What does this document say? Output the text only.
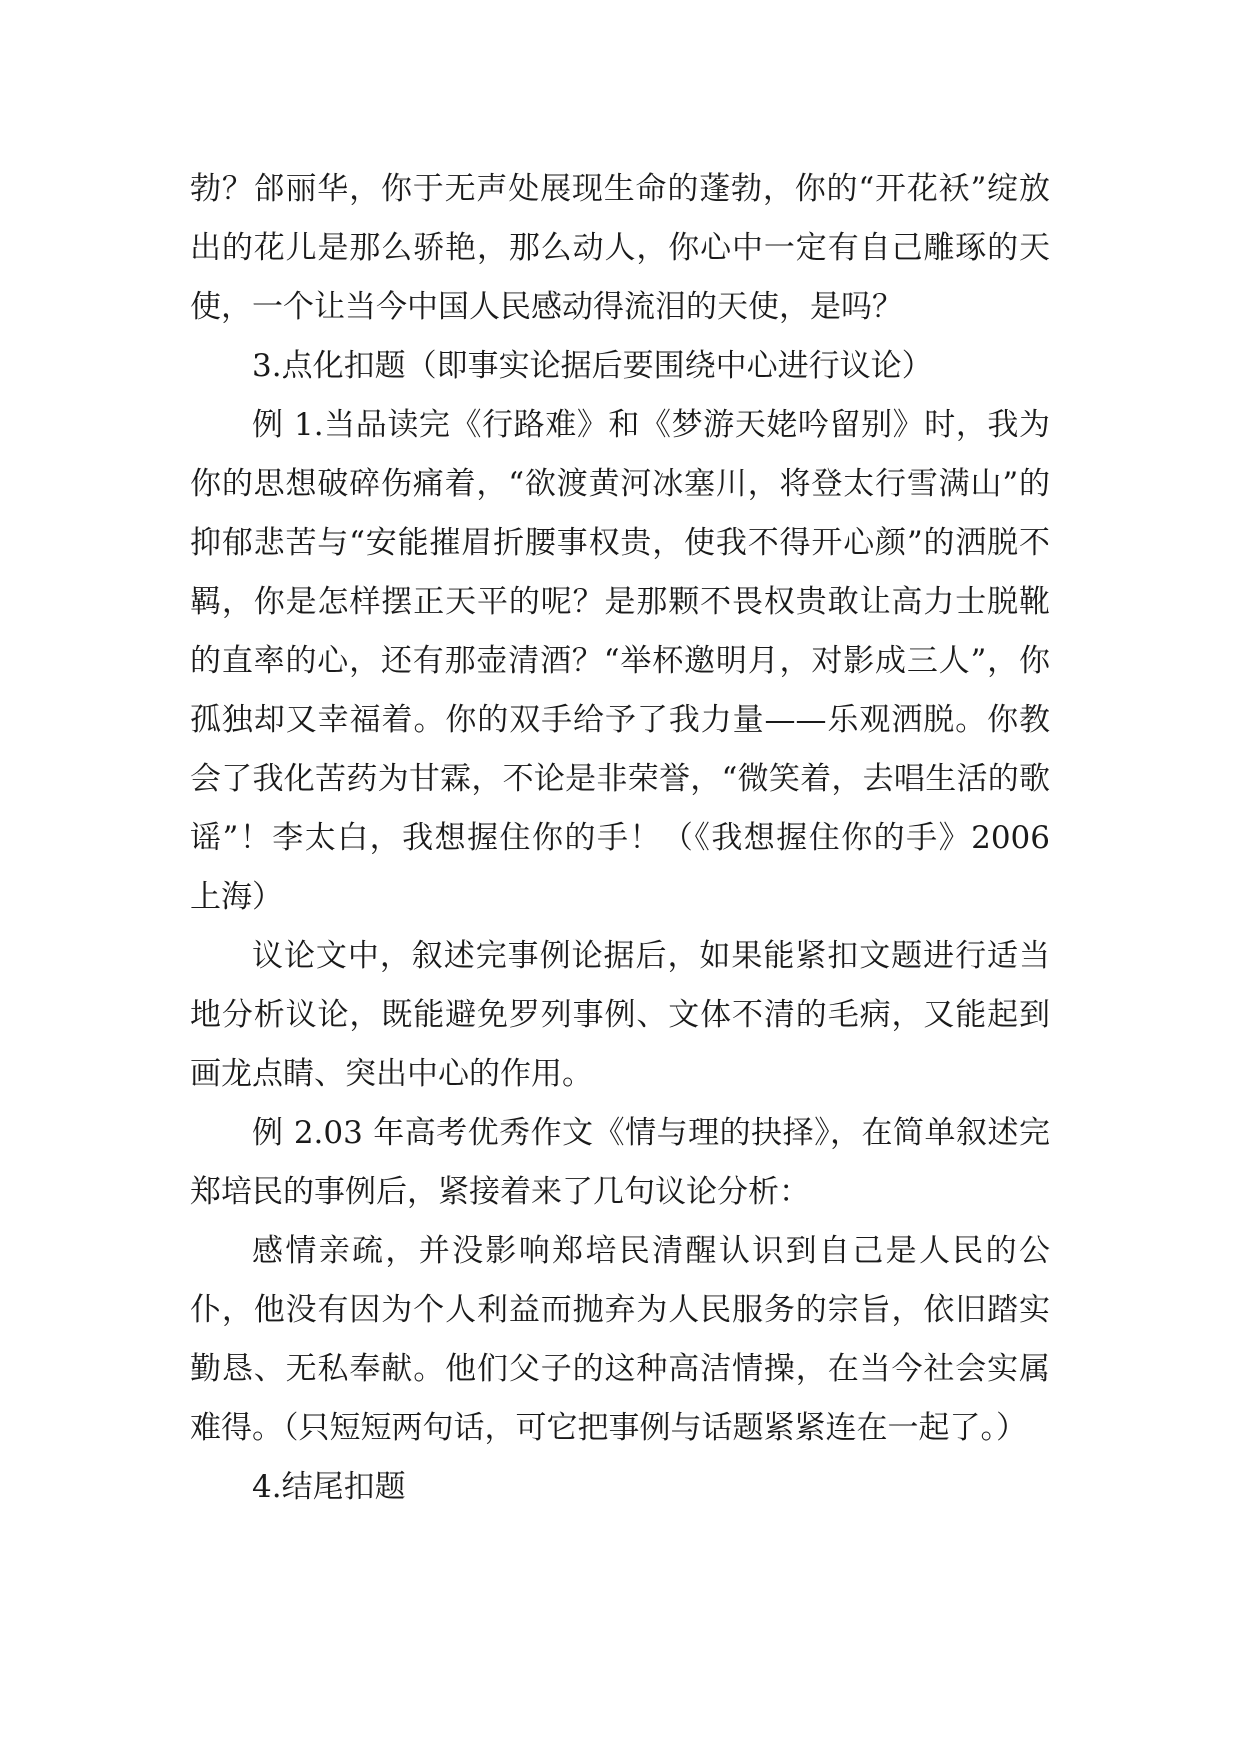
勃？郃丽华，你于无声处展现生命的蓬勃，你的“开花袄”绽放出的花儿是那么骄艳，那么动人，你心中一定有自己雕琢的天使，一个让当今中国人民感动得流泪的天使，是吗？

3.点化扣题（即事实论据后要围绕中心进行议论）

例 1.当品读完《行路难》和《梦游天姥吟留别》时，我为你的思想破碎伤痛着，“欲渡黄河冰塞川，将登太行雪满山”的抑郁悲苦与“安能摧眉折腰事权贵，使我不得开心颜”的洒脱不羁，你是怎样摆正天平的呢？是那颗不畏权贵敢让高力士脱靴的直率的心，还有那壶清酒？“举杯邀明月，对影成三人”，你孤独却又幸福着。你的双手给予了我力量——乐观洒脱。你教会了我化苦药为甘霖，不论是非荣誉，“微笑着，去唱生活的歌谣”！李太白，我想握住你的手！（《我想握住你的手》2006 上海）

议论文中，叙述完事例论据后，如果能紧扣文题进行适当地分析议论，既能避免罗列事例、文体不清的毛病，又能起到画龙点睛、突出中心的作用。

例 2.03 年高考优秀作文《情与理的抉择》，在简单叙述完郑培民的事例后，紧接着来了几句议论分析：

感情亲疏，并没影响郑培民清醒认识到自己是人民的公仆，他没有因为个人利益而抛弃为人民服务的宗旨，依旧踏实勤恳、无私奉献。他们父子的这种高洁情操，在当今社会实属难得。（只短短两句话，可它把事例与话题紧紧连在一起了。）

4.结尾扣题
